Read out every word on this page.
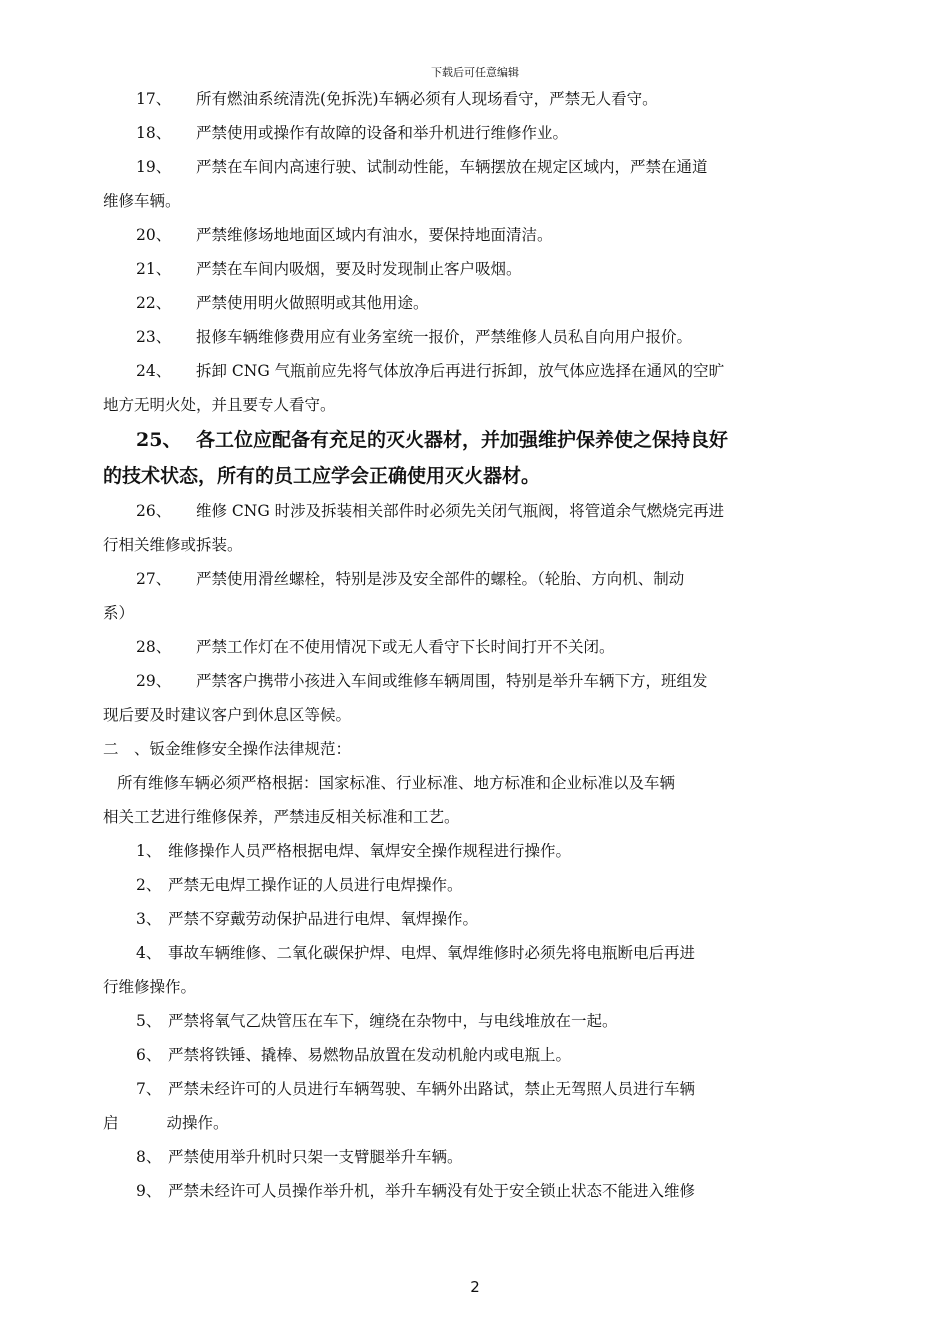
下载后可任意编辑
17、 所有燃油系统清洗(免拆洗)车辆必须有人现场看守，严禁无人看守。
18、 严禁使用或操作有故障的设备和举升机进行维修作业。
19、 严禁在车间内高速行驶、试制动性能，车辆摆放在规定区域内，严禁在通道
维修车辆。
20、 严禁维修场地地面区域内有油水，要保持地面清洁。
21、 严禁在车间内吸烟，要及时发现制止客户吸烟。
22、 严禁使用明火做照明或其他用途。
23、 报修车辆维修费用应有业务室统一报价，严禁维修人员私自向用户报价。
24、 拆卸 CNG 气瓶前应先将气体放净后再进行拆卸，放气体应选择在通风的空旷
地方无明火处，并且要专人看守。
25、 各工位应配备有充足的灭火器材，并加强维护保养使之保持良好
的技术状态，所有的员工应学会正确使用灭火器材。
26、 维修 CNG 时涉及拆装相关部件时必须先关闭气瓶阀，将管道余气燃烧完再进
行相关维修或拆装。
27、 严禁使用滑丝螺栓，特别是涉及安全部件的螺栓。（轮胎、方向机、制动
系）
28、 严禁工作灯在不使用情况下或无人看守下长时间打开不关闭。
29、 严禁客户携带小孩进入车间或维修车辆周围，特别是举升车辆下方，班组发
现后要及时建议客户到休息区等候。
二　、钣金维修安全操作法律规范：
所有维修车辆必须严格根据：国家标准、行业标准、地方标准和企业标准以及车辆
相关工艺进行维修保养，严禁违反相关标准和工艺。
1、 维修操作人员严格根据电焊、氧焊安全操作规程进行操作。
2、 严禁无电焊工操作证的人员进行电焊操作。
3、 严禁不穿戴劳动保护品进行电焊、氧焊操作。
4、 事故车辆维修、二氧化碳保护焊、电焊、氧焊维修时必须先将电瓶断电后再进
行维修操作。
5、 严禁将氧气乙炔管压在车下，缠绕在杂物中，与电线堆放在一起。
6、 严禁将铁锤、撬棒、易燃物品放置在发动机舱内或电瓶上。
7、 严禁未经许可的人员进行车辆驾驶、车辆外出路试，禁止无驾照人员进行车辆
启	动操作。
8、 严禁使用举升机时只架一支臂腿举升车辆。
9、 严禁未经许可人员操作举升机，举升车辆没有处于安全锁止状态不能进入维修
2
